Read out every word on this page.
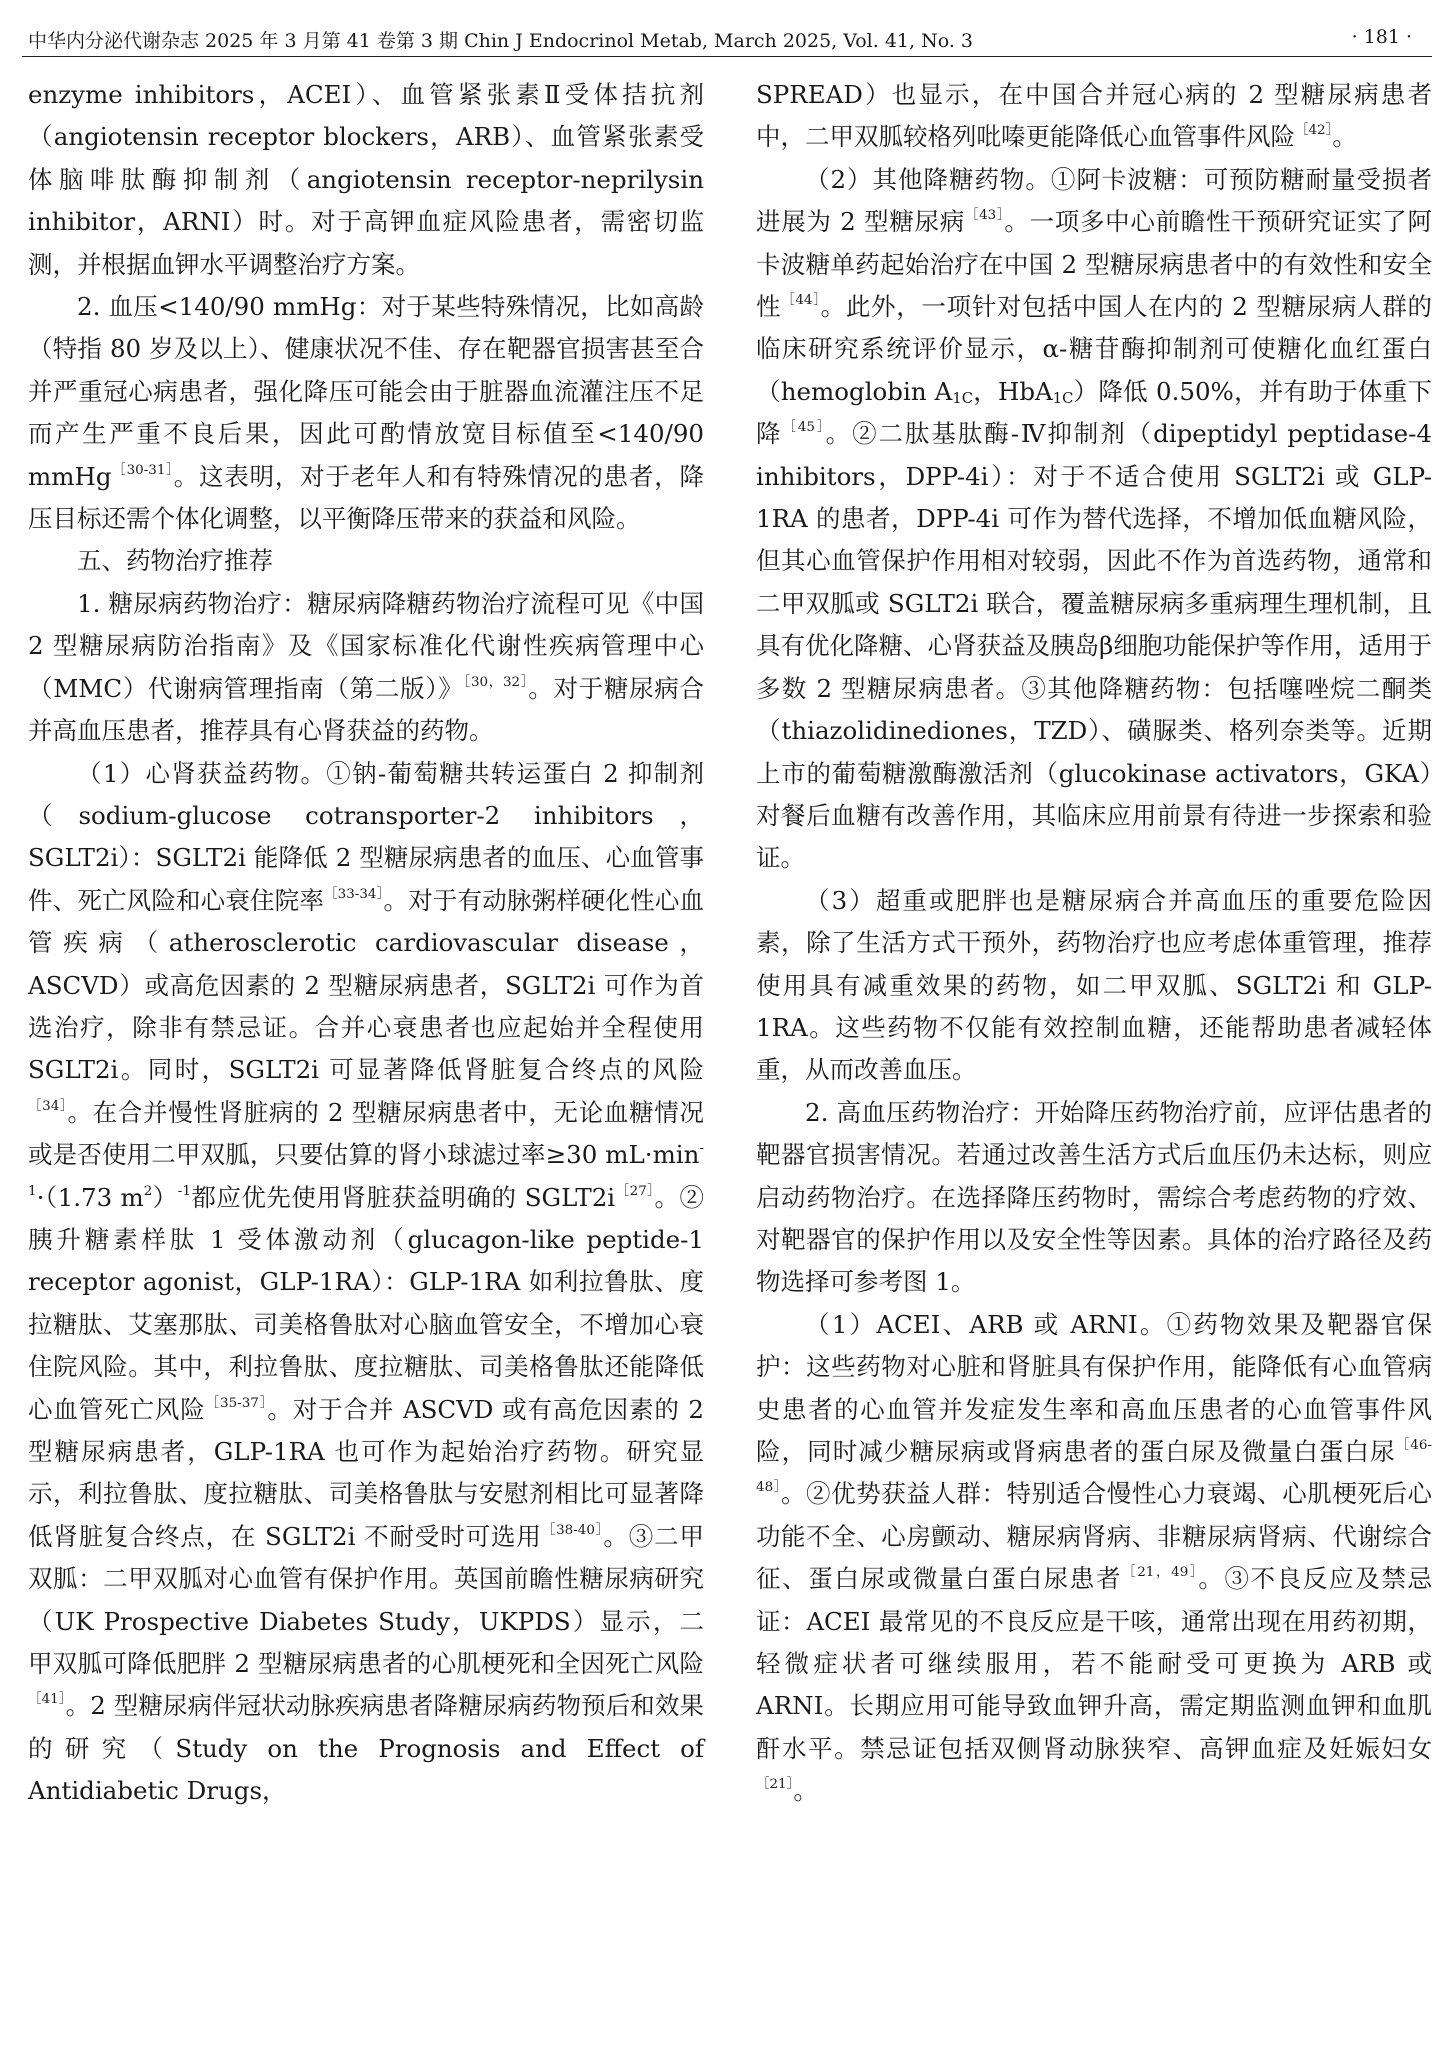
中华内分泌代谢杂志 2025 年 3 月第 41 卷第 3 期 Chin J Endocrinol Metab, March 2025, Vol. 41, No. 3	· 181 ·

enzyme inhibitors，ACEI）、血管紧张素Ⅱ受体拮抗剂（angiotensin receptor blockers，ARB）、血管紧张素受体脑啡肽酶抑制剂（angiotensin receptor-neprilysin inhibitor，ARNI）时。对于高钾血症风险患者，需密切监测，并根据血钾水平调整治疗方案。

2. 血压<140/90 mmHg：对于某些特殊情况，比如高龄（特指 80 岁及以上）、健康状况不佳、存在靶器官损害甚至合并严重冠心病患者，强化降压可能会由于脏器血流灌注压不足而产生严重不良后果，因此可酌情放宽目标值至<140/90 mmHg$^{[30-31]}$。这表明，对于老年人和有特殊情况的患者，降压目标还需个体化调整，以平衡降压带来的获益和风险。

五、药物治疗推荐

1. 糖尿病药物治疗：糖尿病降糖药物治疗流程可见《中国 2 型糖尿病防治指南》及《国家标准化代谢性疾病管理中心（MMC）代谢病管理指南（第二版）》$^{[30,32]}$。对于糖尿病合并高血压患者，推荐具有心肾获益的药物。

（1）心肾获益药物。①钠-葡萄糖共转运蛋白 2 抑制剂（sodium-glucose cotransporter-2 inhibitors，SGLT2i）：SGLT2i 能降低 2 型糖尿病患者的血压、心血管事件、死亡风险和心衰住院率$^{[33-34]}$。对于有动脉粥样硬化性心血管疾病（atherosclerotic cardiovascular disease，ASCVD）或高危因素的 2 型糖尿病患者，SGLT2i 可作为首选治疗，除非有禁忌证。合并心衰患者也应起始并全程使用 SGLT2i。同时，SGLT2i 可显著降低肾脏复合终点的风险$^{[34]}$。在合并慢性肾脏病的 2 型糖尿病患者中，无论血糖情况或是否使用二甲双胍，只要估算的肾小球滤过率≥30 $mL\cdot\min^{-1}\cdot(1.73$ $m^2)^{-1}$都应优先使用肾脏获益明确的 $SGLT2i^{[27]}$。②胰升糖素样肽 1 受体激动剂（glucagon-like peptide-1 receptor agonist，GLP-1RA）：GLP-1RA 如利拉鲁肽、度拉糖肽、艾塞那肽、司美格鲁肽对心脑血管安全，不增加心衰住院风险。其中，利拉鲁肽、度拉糖肽、司美格鲁肽还能降低心血管死亡风险$^{[35-37]}$。对于合并 ASCVD 或有高危因素的 2 型糖尿病患者，GLP-1RA 也可作为起始治疗药物。研究显示，利拉鲁肽、度拉糖肽、司美格鲁肽与安慰剂相比可显著降低肾脏复合终点，在 SGLT2i 不耐受时可选用$^{[38-40]}$。③二甲双胍：二甲双胍对心血管有保护作用。英国前瞻性糖尿病研究（UK Prospective Diabetes Study，UKPDS）显示，二甲双胍可降低肥胖 2 型糖尿病患者的心肌梗死和全因死亡风险$^{[41]}$。2 型糖尿病伴冠状动脉疾病患者降糖尿病药物预后和效果的研究（Study on the Prognosis and Effect of Antidiabetic Drugs，

SPREAD）也显示，在中国合并冠心病的 2 型糖尿病患者中，二甲双胍较格列吡嗪更能降低心血管事件风险$^{[42]}$。

（2）其他降糖药物。①阿卡波糖：可预防糖耐量受损者进展为 2 型糖尿病$^{[43]}$。一项多中心前瞻性干预研究证实了阿卡波糖单药起始治疗在中国 2 型糖尿病患者中的有效性和安全性$^{[44]}$。此外，一项针对包括中国人在内的 2 型糖尿病人群的临床研究系统评价显示，α-糖苷酶抑制剂可使糖化血红蛋白（hemoglobin $A_{1C}$，HbA$_{1C}$）降低 0.50%，并有助于体重下降$^{[45]}$。②二肽基肽酶-Ⅳ抑制剂（dipeptidyl peptidase-4 inhibitors，DPP-4i）：对于不适合使用 SGLT2i 或 GLP-1RA 的患者，DPP-4i 可作为替代选择，不增加低血糖风险，但其心血管保护作用相对较弱，因此不作为首选药物，通常和二甲双胍或 SGLT2i 联合，覆盖糖尿病多重病理生理机制，且具有优化降糖、心肾获益及胰岛β细胞功能保护等作用，适用于多数 2 型糖尿病患者。③其他降糖药物：包括噻唑烷二酮类（thiazolidinediones，TZD）、磺脲类、格列奈类等。近期上市的葡萄糖激酶激活剂（glucokinase activators，GKA）对餐后血糖有改善作用，其临床应用前景有待进一步探索和验证。

（3）超重或肥胖也是糖尿病合并高血压的重要危险因素，除了生活方式干预外，药物治疗也应考虑体重管理，推荐使用具有减重效果的药物，如二甲双胍、SGLT2i 和 GLP-1RA。这些药物不仅能有效控制血糖，还能帮助患者减轻体重，从而改善血压。

2. 高血压药物治疗：开始降压药物治疗前，应评估患者的靶器官损害情况。若通过改善生活方式后血压仍未达标，则应启动药物治疗。在选择降压药物时，需综合考虑药物的疗效、对靶器官的保护作用以及安全性等因素。具体的治疗路径及药物选择可参考图 1。

（1）ACEI、ARB 或 ARNI。①药物效果及靶器官保护：这些药物对心脏和肾脏具有保护作用，能降低有心血管病史患者的心血管并发症发生率和高血压患者的心血管事件风险，同时减少糖尿病或肾病患者的蛋白尿及微量白蛋白尿$^{[46-48]}$。②优势获益人群：特别适合慢性心力衰竭、心肌梗死后心功能不全、心房颤动、糖尿病肾病、非糖尿病肾病、代谢综合征、蛋白尿或微量白蛋白尿患者$^{[21,49]}$。③不良反应及禁忌证：ACEI 最常见的不良反应是干咳，通常出现在用药初期，轻微症状者可继续服用，若不能耐受可更换为 ARB 或 ARNI。长期应用可能导致血钾升高，需定期监测血钾和血肌酐水平。禁忌证包括双侧肾动脉狭窄、高钾血症及妊娠妇女$^{[21]}$。
